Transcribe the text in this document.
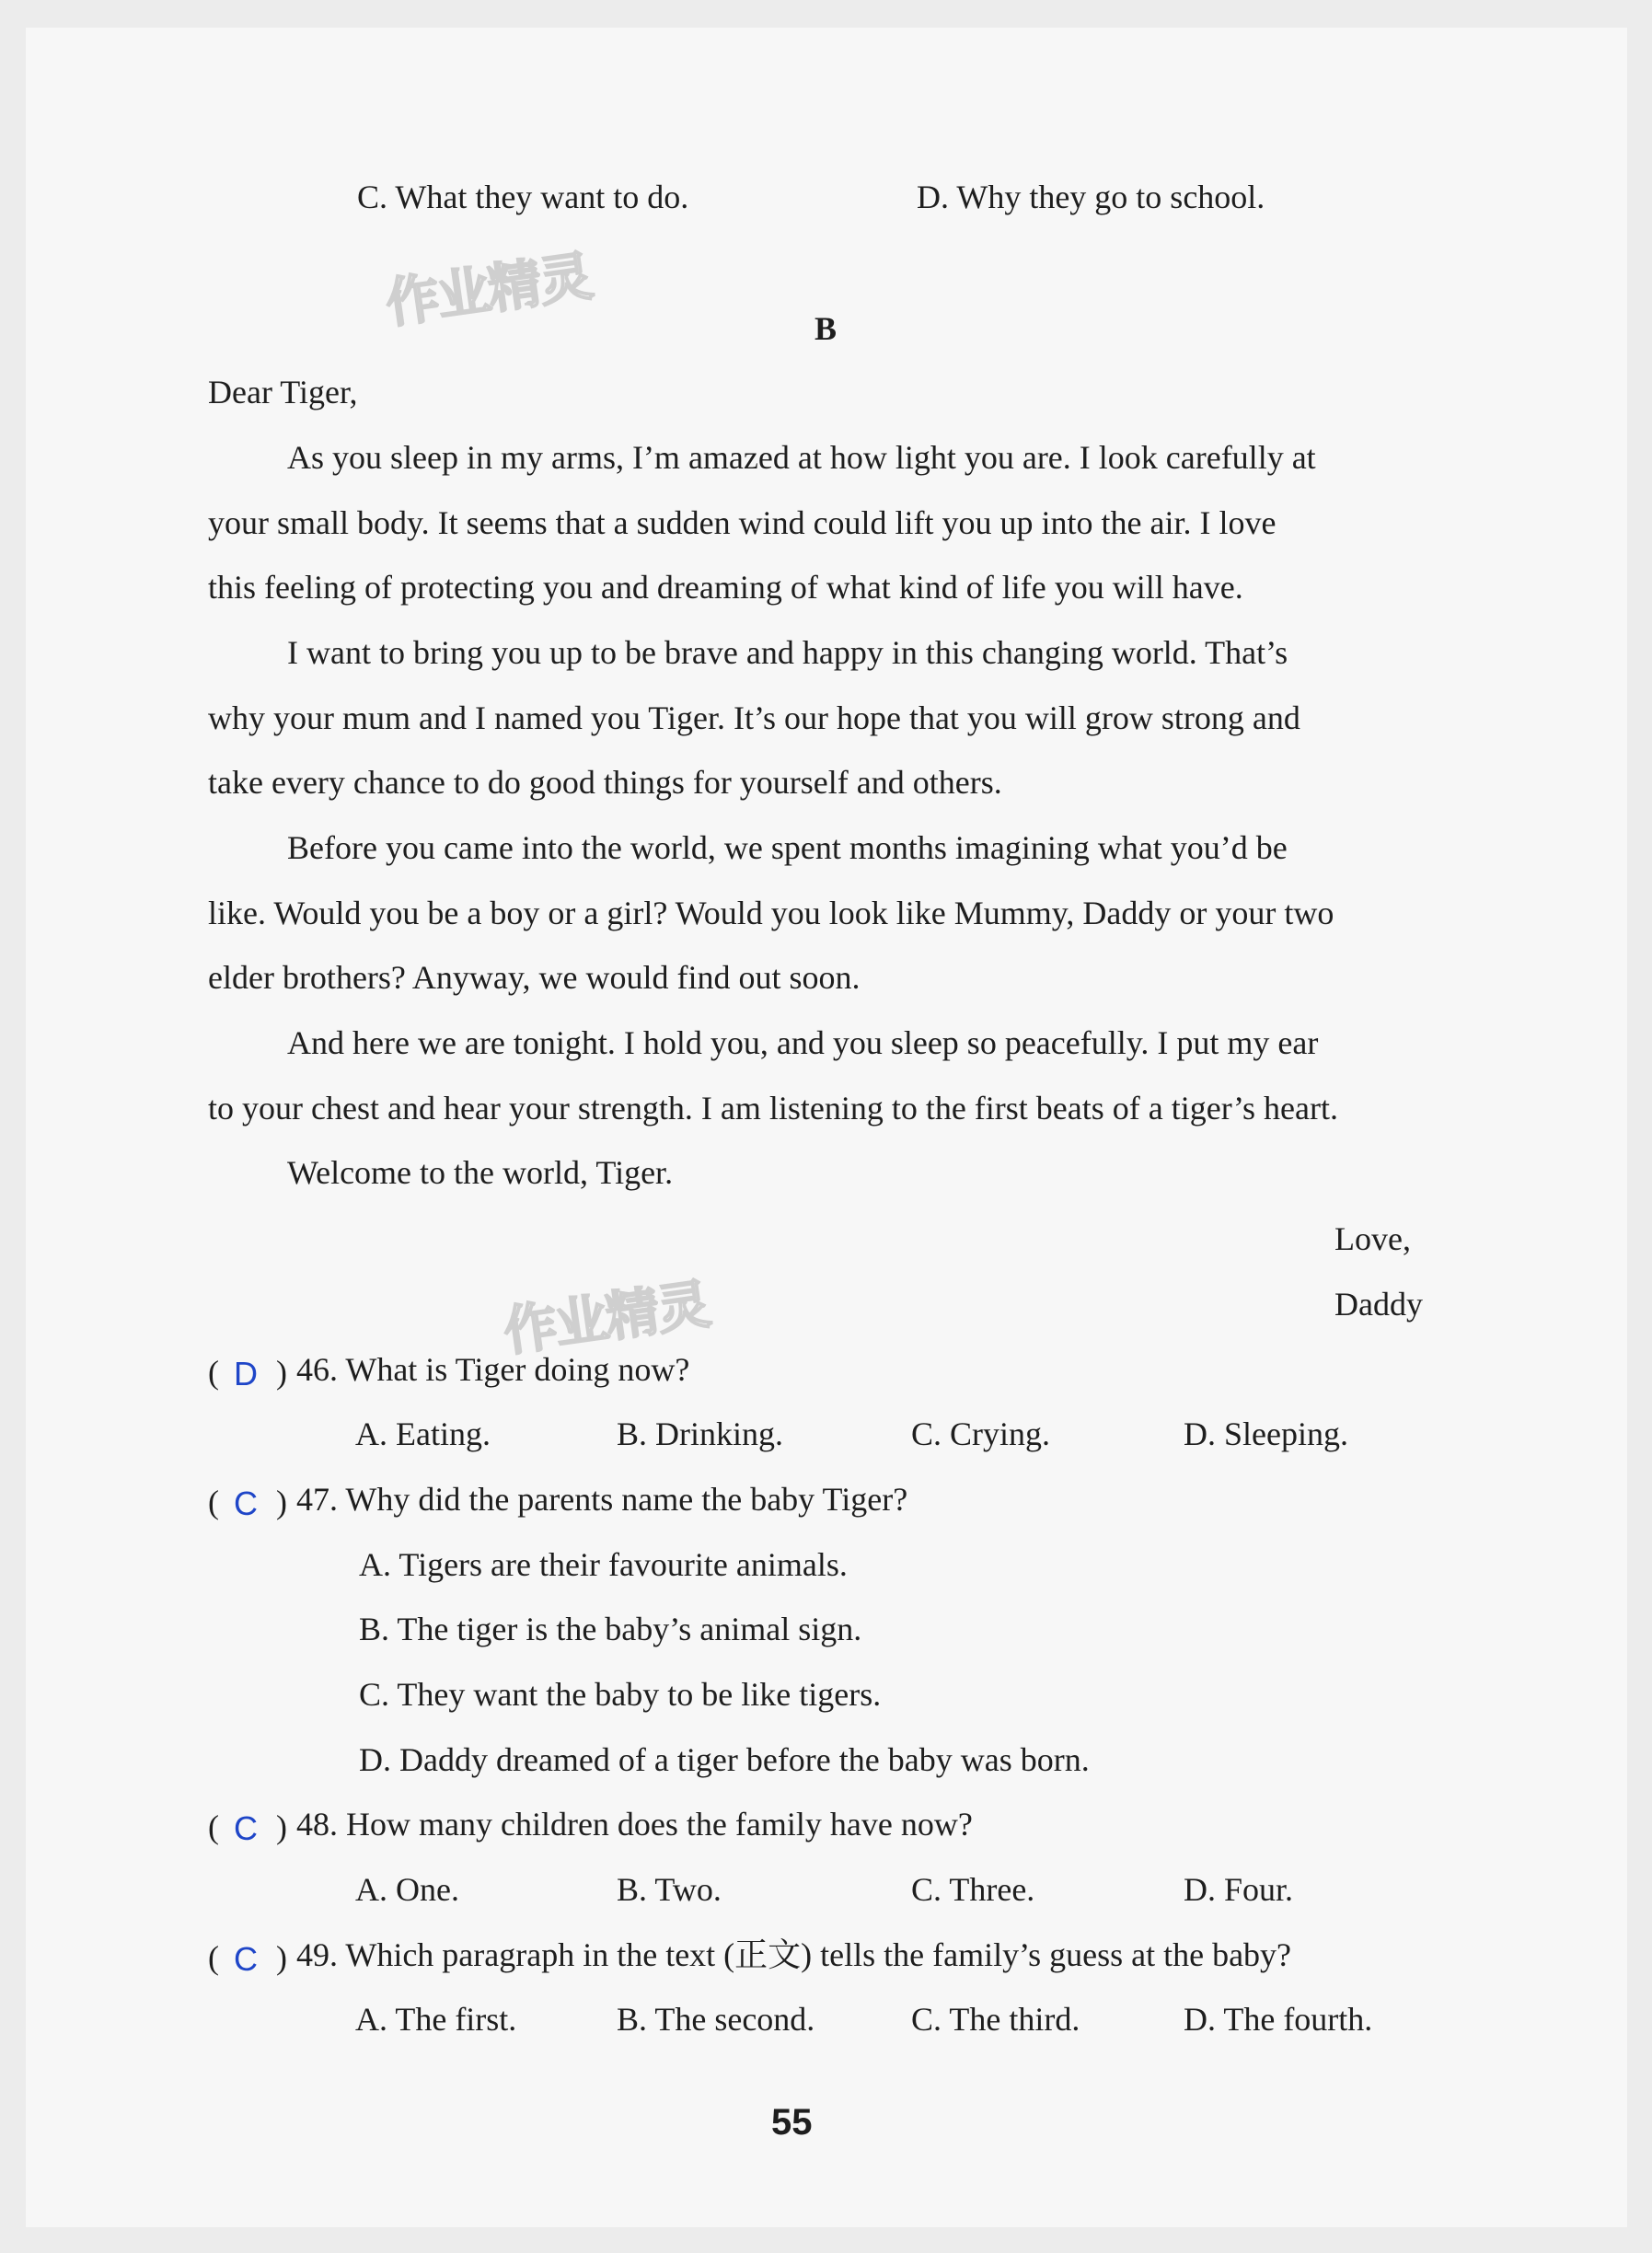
C. What they want to do.	D. Why they go to school.
作业精灵	B
Dear Tiger,
As you sleep in my arms, I’m amazed at how light you are. I look carefully at
your small body. It seems that a sudden wind could lift you up into the air. I love
this feeling of protecting you and dreaming of what kind of life you will have.
I want to bring you up to be brave and happy in this changing world. That’s
why your mum and I named you Tiger. It’s our hope that you will grow strong and
take every chance to do good things for yourself and others.
Before you came into the world, we spent months imagining what you’d be
like. Would you be a boy or a girl? Would you look like Mummy, Daddy or your two
elder brothers? Anyway, we would find out soon.
And here we are tonight. I hold you, and you sleep so peacefully. I put my ear
to your chest and hear your strength. I am listening to the first beats of a tiger’s heart.
Welcome to the world, Tiger.
Love,
Daddy
作业精灵
( D ) 46. What is Tiger doing now?
A. Eating.	B. Drinking.	C. Crying.	D. Sleeping.
( C ) 47. Why did the parents name the baby Tiger?
A. Tigers are their favourite animals.
B. The tiger is the baby’s animal sign.
C. They want the baby to be like tigers.
D. Daddy dreamed of a tiger before the baby was born.
( C ) 48. How many children does the family have now?
A. One.	B. Two.	C. Three.	D. Four.
( C ) 49. Which paragraph in the text (正文) tells the family’s guess at the baby?
A. The first.	B. The second.	C. The third.	D. The fourth.
55
